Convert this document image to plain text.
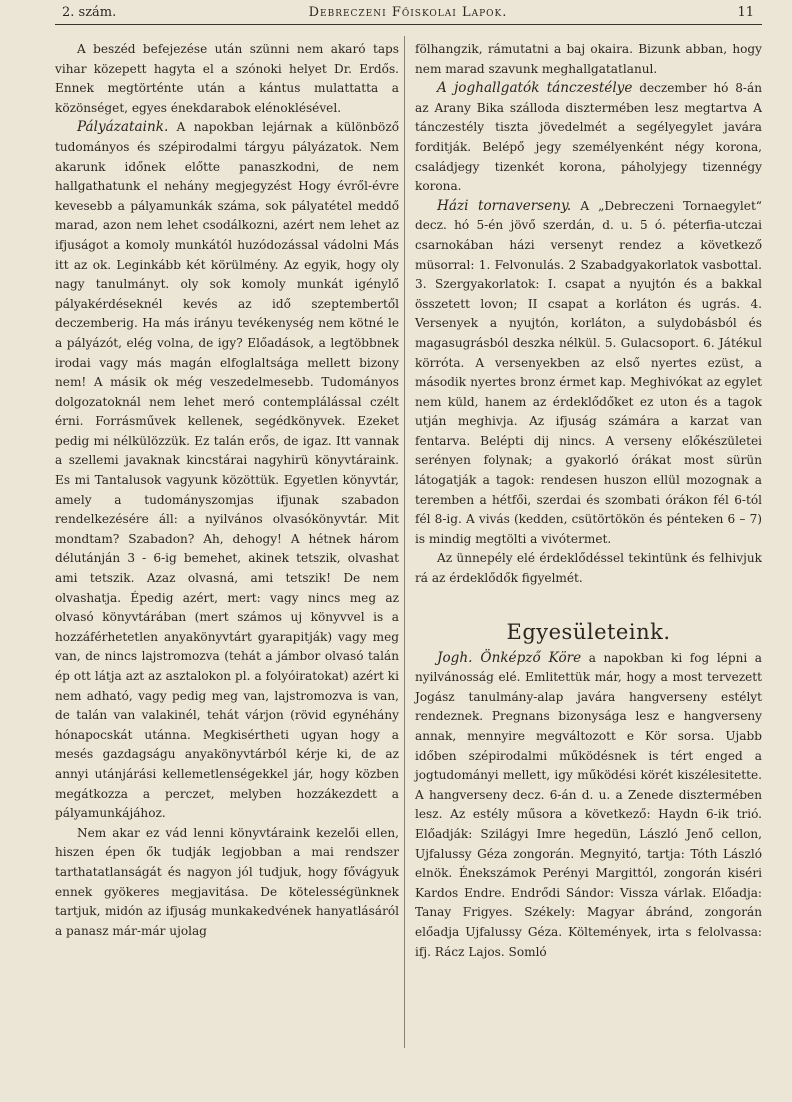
2. szám.	Debreczeni Főiskolai Lapok.	11

A beszéd befejezése után szünni nem akaró taps vihar közepett hagyta el a szónoki helyet Dr. Erdős. Ennek megtörténte után a kántus mulattatta a közönséget, egyes énekdarabok elénoklésével.

Pályázataink. A napokban lejárnak a különböző tudományos és szépirodalmi tárgyu pályázatok. Nem akarunk időnek előtte panaszkodni, de nem hallgathatunk el nehány megjegyzést Hogy évről-évre kevesebb a pályamunkák száma, sok pályatétel meddő marad, azon nem lehet csodálkozni, azért nem lehet az ifjuságot a komoly munkától huzódozással vádolni Más itt az ok. Leginkább két körülmény. Az egyik, hogy oly nagy tanulmányt. oly sok komoly munkát igénylő pályakérdéseknél kevés az idő szeptembertől deczemberig. Ha más irányu tevékenység nem kötné le a pályázót, elég volna, de igy? Előadások, a legtöbbnek irodai vagy más magán elfoglaltsága mellett bizony nem! A másik ok még veszedelmesebb. Tudományos dolgozatoknál nem lehet meró contemplálással czélt érni. Forrásművek kellenek, segédkönyvek. Ezeket pedig mi nélkülözzük. Ez talán erős, de igaz. Itt vannak a szellemi javaknak kincstárai nagyhirü könyvtáraink. Es mi Tantalusok vagyunk közöttük. Egyetlen könyvtár, amely a tudományszomjas ifjunak szabadon rendelkezésére áll: a nyilvános olvasókönyvtár. Mit mondtam? Szabadon? Ah, dehogy! A hétnek három délutánján 3 - 6-ig bemehet, akinek tetszik, olvashat ami tetszik. Azaz olvasná, ami tetszik! De nem olvashatja. Épedig azért, mert: vagy nincs meg az olvasó könyvtárában (mert számos uj könyvvel is a hozzáférhetetlen anyakönyvtárt gyarapitják) vagy meg van, de nincs lajstromozva (tehát a jámbor olvasó talán ép ott látja azt az asztalokon pl. a folyóiratokat) azért ki nem adható, vagy pedig meg van, lajstromozva is van, de talán van valakinél, tehát várjon (rövid egynéhány hónapocskát utánna. Megkisértheti ugyan hogy a mesés gazdagságu anyakönyvtárból kérje ki, de az annyi utánjárási kellemetlenségekkel jár, hogy közben megátkozza a perczet, melyben hozzákezdett a pályamunkájához.

Nem akar ez vád lenni könyvtáraink kezelői ellen, hiszen épen ők tudják legjobban a mai rendszer tarthatatlanságát és nagyon jól tudjuk, hogy fővágyuk ennek gyökeres megjavitása. De kötelességünknek tartjuk, midón az ifjuság munkakedvének hanyatlásáról a panasz már-már ujolag

fölhangzik, rámutatni a baj okaira. Bizunk abban, hogy nem marad szavunk meghallgatatlanul.

A joghallgatók tánczestélye deczember hó 8-án az Arany Bika szálloda disztermében lesz megtartva A tánczestély tiszta jövedelmét a segélyegylet javára forditják. Belépő jegy személyenként négy korona, családjegy tizenkét korona, páholyjegy tizennégy korona.

Házi tornaverseny. A „Debreczeni Tornaegylet“ decz. hó 5-én jövő szerdán, d. u. 5 ó. péterfia-utczai csarnokában házi versenyt rendez a következő müsorral: 1. Felvonulás. 2 Szabadgyakorlatok vasbottal. 3. Szergyakorlatok: I. csapat a nyujtón és a bakkal összetett lovon; II csapat a korláton és ugrás. 4. Versenyek a nyujtón, korláton, a sulydobásból és magasugrásból deszka nélkül. 5. Gulacsoport. 6. Játékul körróta. A versenyekben az első nyertes ezüst, a második nyertes bronz érmet kap. Meghivókat az egylet nem küld, hanem az érdeklődőket ez uton és a tagok utján meghivja. Az ifjuság számára a karzat van fentarva. Belépti dij nincs. A verseny előkészületei serényen folynak; a gyakorló órákat most sürün látogatják a tagok: rendesen huszon ellül mozognak a teremben a hétfői, szerdai és szombati órákon fél 6-tól fél 8-ig. A vivás (kedden, csütörtökön és pénteken 6 – 7) is mindig megtölti a vivótermet.

Az ünnepély elé érdeklődéssel tekintünk és felhivjuk rá az érdeklődők figyelmét.

Egyesületeink.

Jogh. Önképző Köre a napokban ki fog lépni a nyilvánosság elé. Emlitettük már, hogy a most tervezett Jogász tanulmány-alap javára hangverseny estélyt rendeznek. Pregnans bizonysága lesz e hangverseny annak, mennyire megváltozott e Kör sorsa. Ujabb időben szépirodalmi működésnek is tért enged a jogtudományi mellett, igy működési körét kiszélesitette. A hangverseny decz. 6-án d. u. a Zenede disztermében lesz. Az estély műsora a következő: Haydn 6-ik trió. Előadják: Szilágyi Imre hegedün, László Jenő cellon, Ujfalussy Géza zongorán. Megnyitó, tartja: Tóth László elnök. Énekszámok Perényi Margittól, zongorán kiséri Kardos Endre. Endrődi Sándor: Vissza várlak. Előadja: Tanay Frigyes. Székely: Magyar ábránd, zongorán előadja Ujfalussy Géza. Költemények, irta s felolvassa: ifj. Rácz Lajos. Somló
